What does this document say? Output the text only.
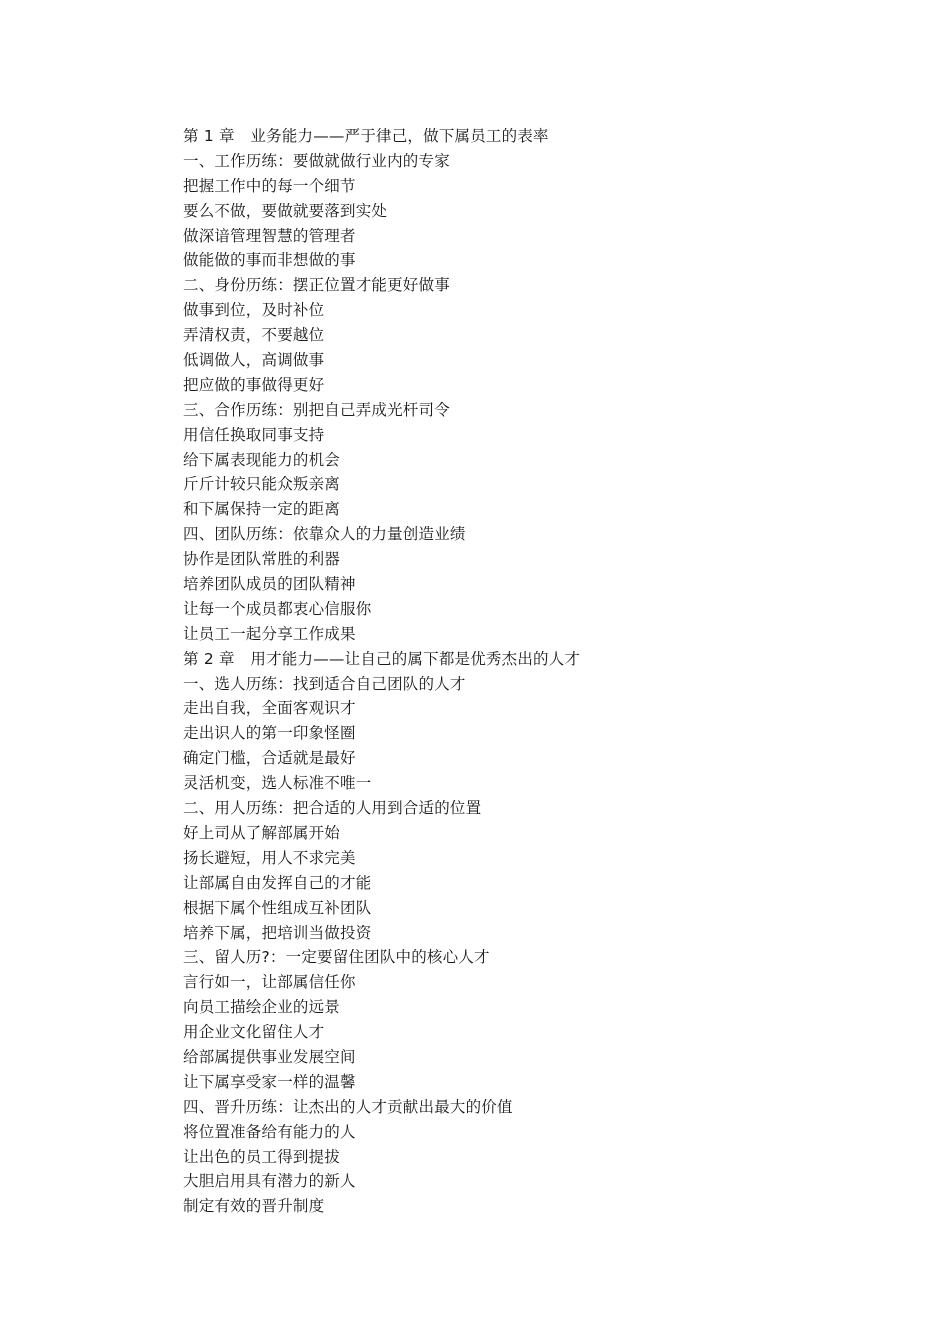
第 1 章　业务能力——严于律己，做下属员工的表率
一、工作历练：要做就做行业内的专家
把握工作中的每一个细节
要么不做，要做就要落到实处
做深谙管理智慧的管理者
做能做的事而非想做的事
二、身份历练：摆正位置才能更好做事
做事到位，及时补位
弄清权责，不要越位
低调做人，高调做事
把应做的事做得更好
三、合作历练：别把自己弄成光杆司令
用信任换取同事支持
给下属表现能力的机会
斤斤计较只能众叛亲离
和下属保持一定的距离
四、团队历练：依靠众人的力量创造业绩
协作是团队常胜的利器
培养团队成员的团队精神
让每一个成员都衷心信服你
让员工一起分享工作成果
第 2 章　用才能力——让自己的属下都是优秀杰出的人才
一、选人历练：找到适合自己团队的人才
走出自我，全面客观识才
走出识人的第一印象怪圈
确定门槛，合适就是最好
灵活机变，选人标准不唯一
二、用人历练：把合适的人用到合适的位置
好上司从了解部属开始
扬长避短，用人不求完美
让部属自由发挥自己的才能
根据下属个性组成互补团队
培养下属，把培训当做投资
三、留人历?：一定要留住团队中的核心人才
言行如一，让部属信任你
向员工描绘企业的远景
用企业文化留住人才
给部属提供事业发展空间
让下属享受家一样的温馨
四、晋升历练：让杰出的人才贡献出最大的价值
将位置准备给有能力的人
让出色的员工得到提拔
大胆启用具有潜力的新人
制定有效的晋升制度
